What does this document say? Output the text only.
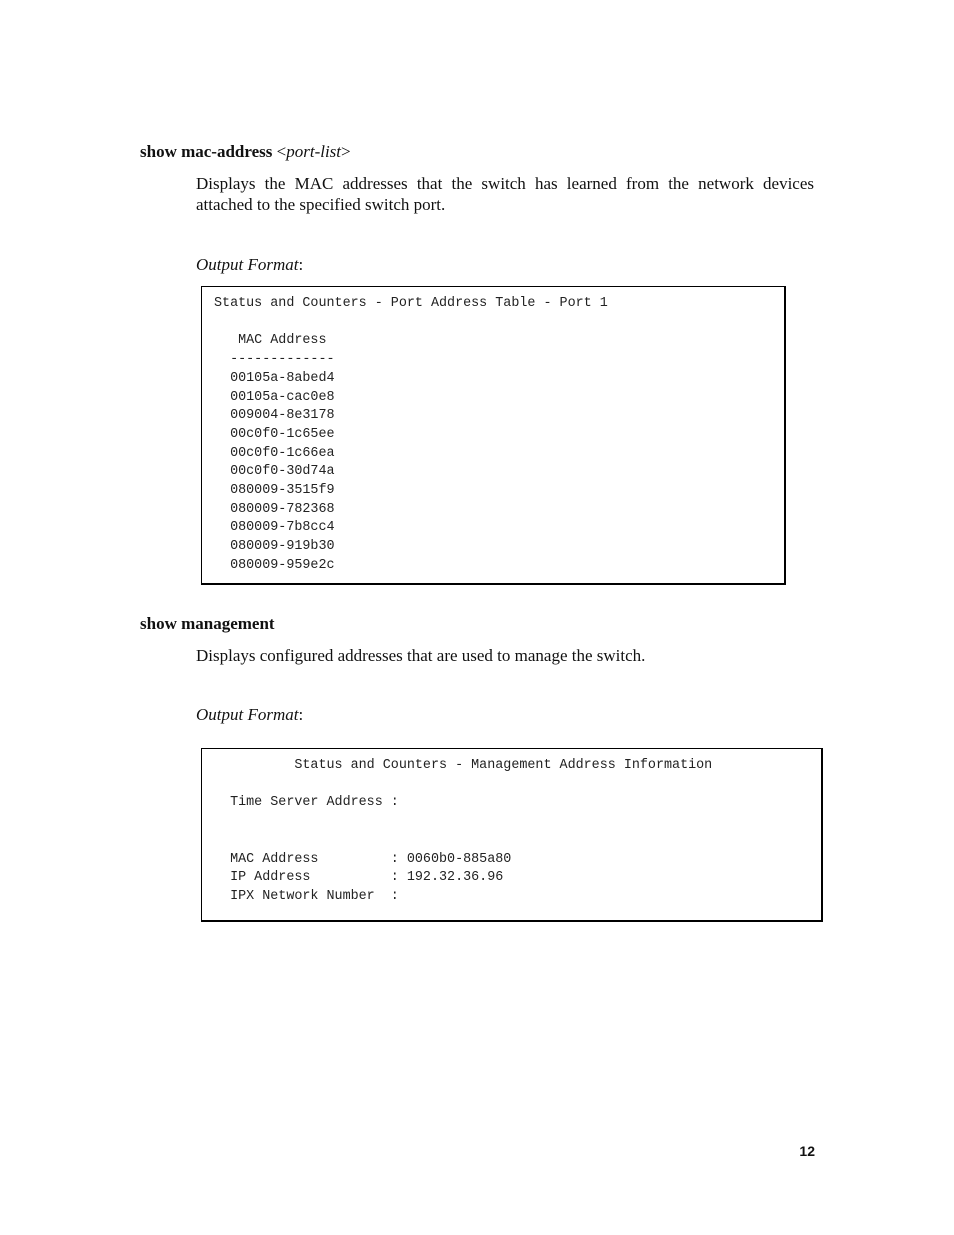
show mac-address <port-list>
Displays the MAC addresses that the switch has learned from the network devices attached to the specified switch port.
Output Format:
Status and Counters - Port Address Table - Port 1

MAC Address
-------------
00105a-8abed4
00105a-cac0e8
009004-8e3178
00c0f0-1c65ee
00c0f0-1c66ea
00c0f0-30d74a
080009-3515f9
080009-782368
080009-7b8cc4
080009-919b30
080009-959e2c
show management
Displays configured addresses that are used to manage the switch.
Output Format:
Status and Counters - Management Address Information

Time Server Address :

MAC Address         : 0060b0-885a80
IP Address          : 192.32.36.96
IPX Network Number  :
12
